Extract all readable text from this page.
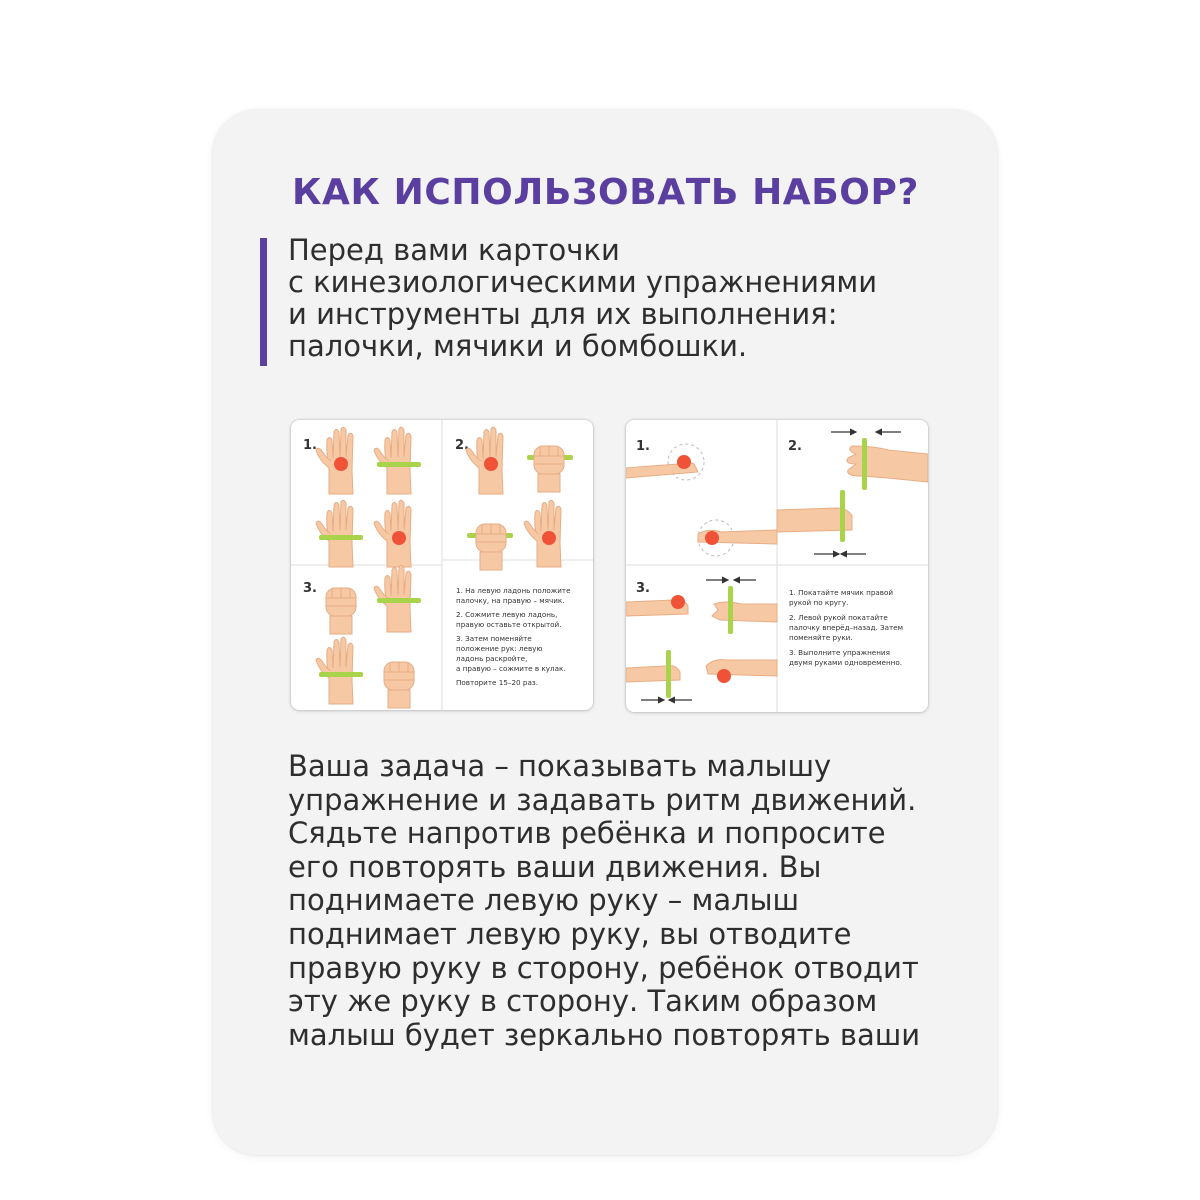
КАК ИСПОЛЬЗОВАТЬ НАБОР?

Перед вами карточки
с кинезиологическими упражнениями
и инструменты для их выполнения:
палочки, мячики и бомбошки.

1.	2.
3.	1. На левую ладонь положите
палочку, на правую – мячик.
2. Сожмите левую ладонь,
правую оставьте открытой.
3. Затем поменяйте
положение рук: левую
ладонь раскройте,
а правую – сожмите в кулак.
Повторите 15–20 раз.
1.	2.
3.	1. Покатайте мячик правой
рукой по кругу.
2. Левой рукой покатайте
палочку вперёд–назад. Затем
поменяйте руки.
3. Выполните упражнения
двумя руками одновременно.

Ваша задача – показывать малышу
упражнение и задавать ритм движений.
Сядьте напротив ребёнка и попросите
его повторять ваши движения. Вы
поднимаете левую руку – малыш
поднимает левую руку, вы отводите
правую руку в сторону, ребёнок отводит
эту же руку в сторону. Таким образом
малыш будет зеркально повторять ваши
